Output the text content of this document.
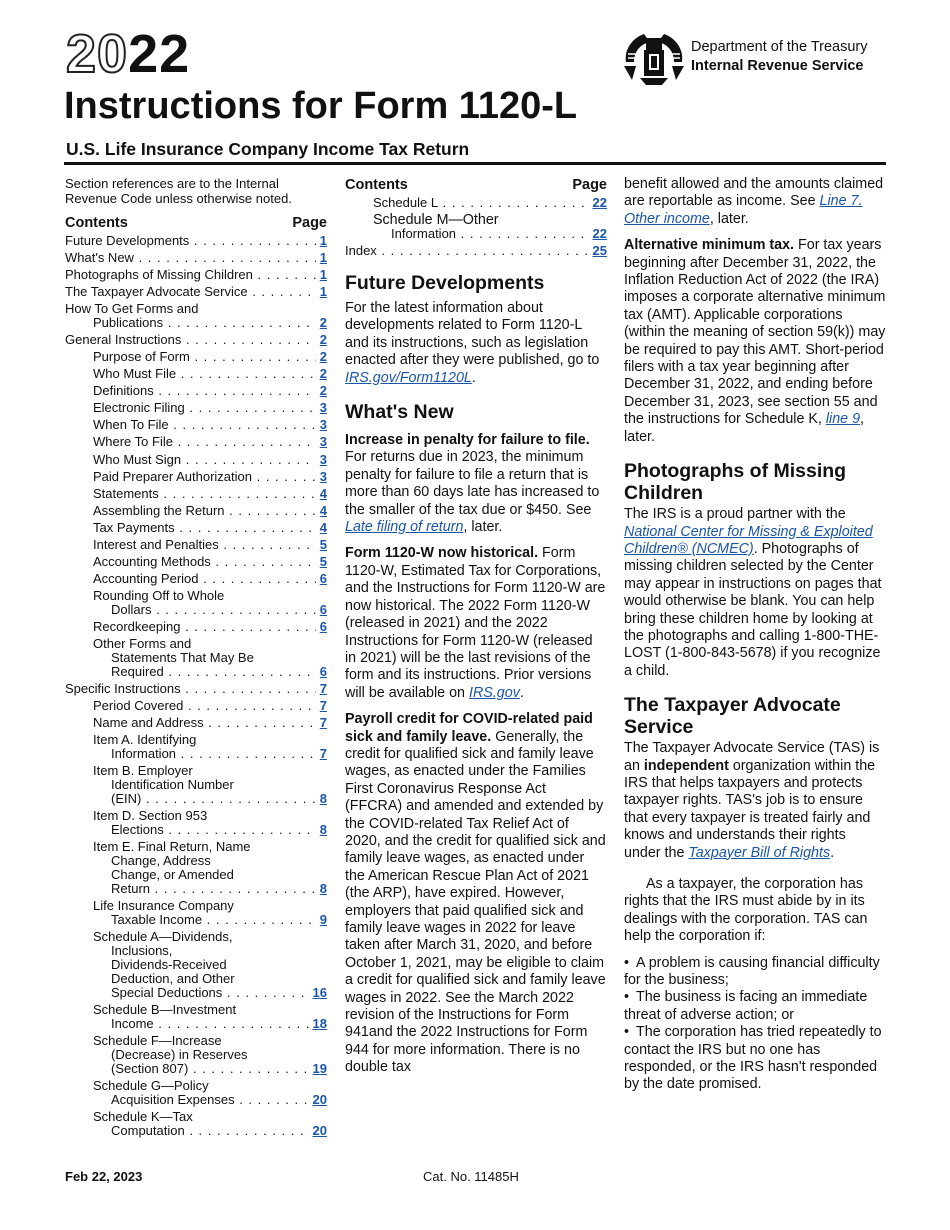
2022
Instructions for Form 1120-L
U.S. Life Insurance Company Income Tax Return
Department of the Treasury
Internal Revenue Service
Section references are to the Internal Revenue Code unless otherwise noted.
Contents	Page
Future Developments . . .	1
What's New . . .	1
Photographs of Missing Children . . .	1
The Taxpayer Advocate Service . . .	1
How To Get Forms and
Publications . . .	2
General Instructions . . .	2
Purpose of Form . . .	2
Who Must File . . .	2
Definitions . . .	2
Electronic Filing . . .	3
When To File . . .	3
Where To File . . .	3
Who Must Sign . . .	3
Paid Preparer Authorization . . .	3
Statements . . .	4
Assembling the Return . . .	4
Tax Payments . . .	4
Interest and Penalties . . .	5
Accounting Methods . . .	5
Accounting Period . . .	6
Rounding Off to Whole
Dollars . . .	6
Recordkeeping . . .	6
Other Forms and
Statements That May Be
Required . . .	6
Specific Instructions . . .	7
Period Covered . . .	7
Name and Address . . .	7
Item A. Identifying
Information . . .	7
Item B. Employer
Identification Number
(EIN) . . .	8
Item D. Section 953
Elections . . .	8
Item E. Final Return, Name
Change, Address
Change, or Amended
Return . . .	8
Life Insurance Company
Taxable Income . . .	9
Schedule A—Dividends,
Inclusions,
Dividends-Received
Deduction, and Other
Special Deductions . . .	16
Schedule B—Investment
Income . . .	18
Schedule F—Increase
(Decrease) in Reserves
(Section 807) . . .	19
Schedule G—Policy
Acquisition Expenses . . .	20
Schedule K—Tax
Computation . . .	20
Contents	Page
Schedule L . . .	22
Schedule M—Other
Information . . .	22
Index . . .	25
Future Developments

For the latest information about developments related to Form 1120-L and its instructions, such as legislation enacted after they were published, go to IRS.gov/Form1120L.

What's New

Increase in penalty for failure to file. For returns due in 2023, the minimum penalty for failure to file a return that is more than 60 days late has increased to the smaller of the tax due or $450. See Late filing of return, later.

Form 1120-W now historical. Form 1120-W, Estimated Tax for Corporations, and the Instructions for Form 1120-W are now historical. The 2022 Form 1120-W (released in 2021) and the 2022 Instructions for Form 1120-W (released in 2021) will be the last revisions of the form and its instructions. Prior versions will be available on IRS.gov.

Payroll credit for COVID-related paid sick and family leave. Generally, the credit for qualified sick and family leave wages, as enacted under the Families First Coronavirus Response Act (FFCRA) and amended and extended by the COVID-related Tax Relief Act of 2020, and the credit for qualified sick and family leave wages, as enacted under the American Rescue Plan Act of 2021 (the ARP), have expired. However, employers that paid qualified sick and family leave wages in 2022 for leave taken after March 31, 2020, and before October 1, 2021, may be eligible to claim a credit for qualified sick and family leave wages in 2022. See the March 2022 revision of the Instructions for Form 941and the 2022 Instructions for Form 944 for more information. There is no double tax

benefit allowed and the amounts claimed are reportable as income. See Line 7. Other income, later.

Alternative minimum tax. For tax years beginning after December 31, 2022, the Inflation Reduction Act of 2022 (the IRA) imposes a corporate alternative minimum tax (AMT). Applicable corporations (within the meaning of section 59(k)) may be required to pay this AMT. Short-period filers with a tax year beginning after December 31, 2022, and ending before December 31, 2023, see section 55 and the instructions for Schedule K, line 9, later.

Photographs of Missing Children

The IRS is a proud partner with the National Center for Missing & Exploited Children® (NCMEC). Photographs of missing children selected by the Center may appear in instructions on pages that would otherwise be blank. You can help bring these children home by looking at the photographs and calling 1-800-THE-LOST (1-800-843-5678) if you recognize a child.

The Taxpayer Advocate Service

The Taxpayer Advocate Service (TAS) is an independent organization within the IRS that helps taxpayers and protects taxpayer rights. TAS's job is to ensure that every taxpayer is treated fairly and knows and understands their rights under the Taxpayer Bill of Rights.

As a taxpayer, the corporation has rights that the IRS must abide by in its dealings with the corporation. TAS can help the corporation if:

• A problem is causing financial difficulty for the business;
• The business is facing an immediate threat of adverse action; or
• The corporation has tried repeatedly to contact the IRS but no one has responded, or the IRS hasn't responded by the date promised.
Feb 22, 2023	Cat. No. 11485H
